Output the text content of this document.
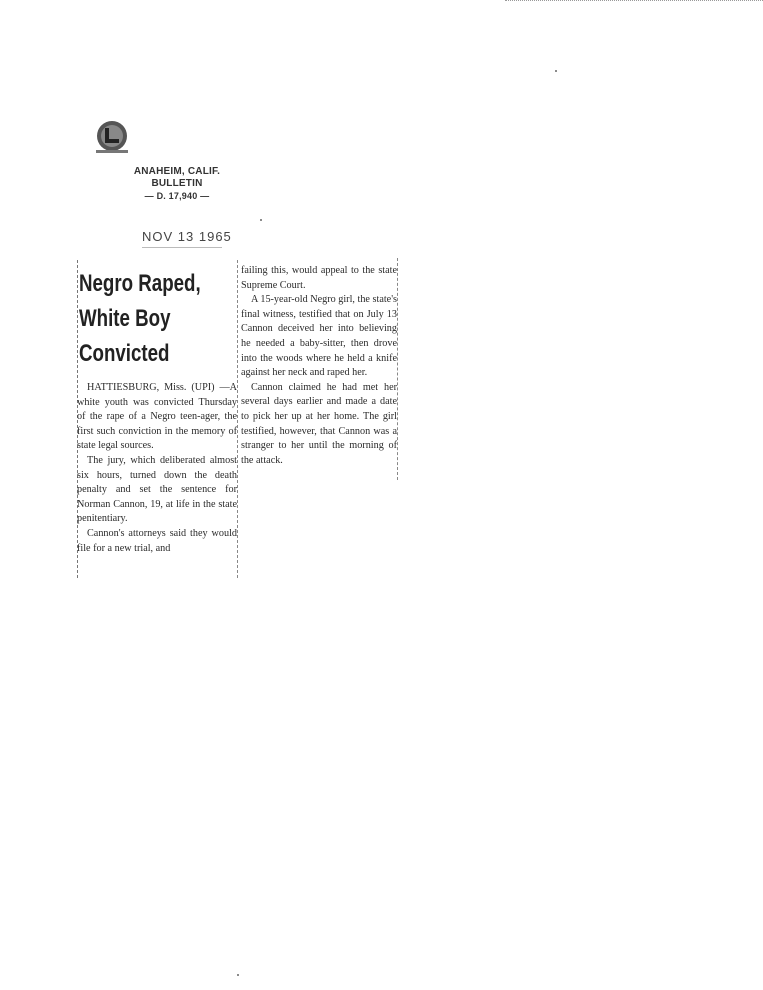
ANAHEIM, CALIF.
BULLETIN
— D. 17,940 —
NOV 13 1965
Negro Raped,
White Boy
Convicted

HATTIESBURG, Miss. (UPI) —A white youth was convicted Thursday of the rape of a Negro teen-ager, the first such conviction in the memory of state legal sources.

The jury, which deliberated almost six hours, turned down the death penalty and set the sentence for Norman Cannon, 19, at life in the state penitentiary.

Cannon's attorneys said they would file for a new trial, and

failing this, would appeal to the state Supreme Court.

A 15-year-old Negro girl, the state's final witness, testified that on July 13 Cannon deceived her into believing he needed a baby-sitter, then drove into the woods where he held a knife against her neck and raped her.

Cannon claimed he had met her several days earlier and made a date to pick her up at her home. The girl testified, however, that Cannon was a stranger to her until the morning of the attack.
